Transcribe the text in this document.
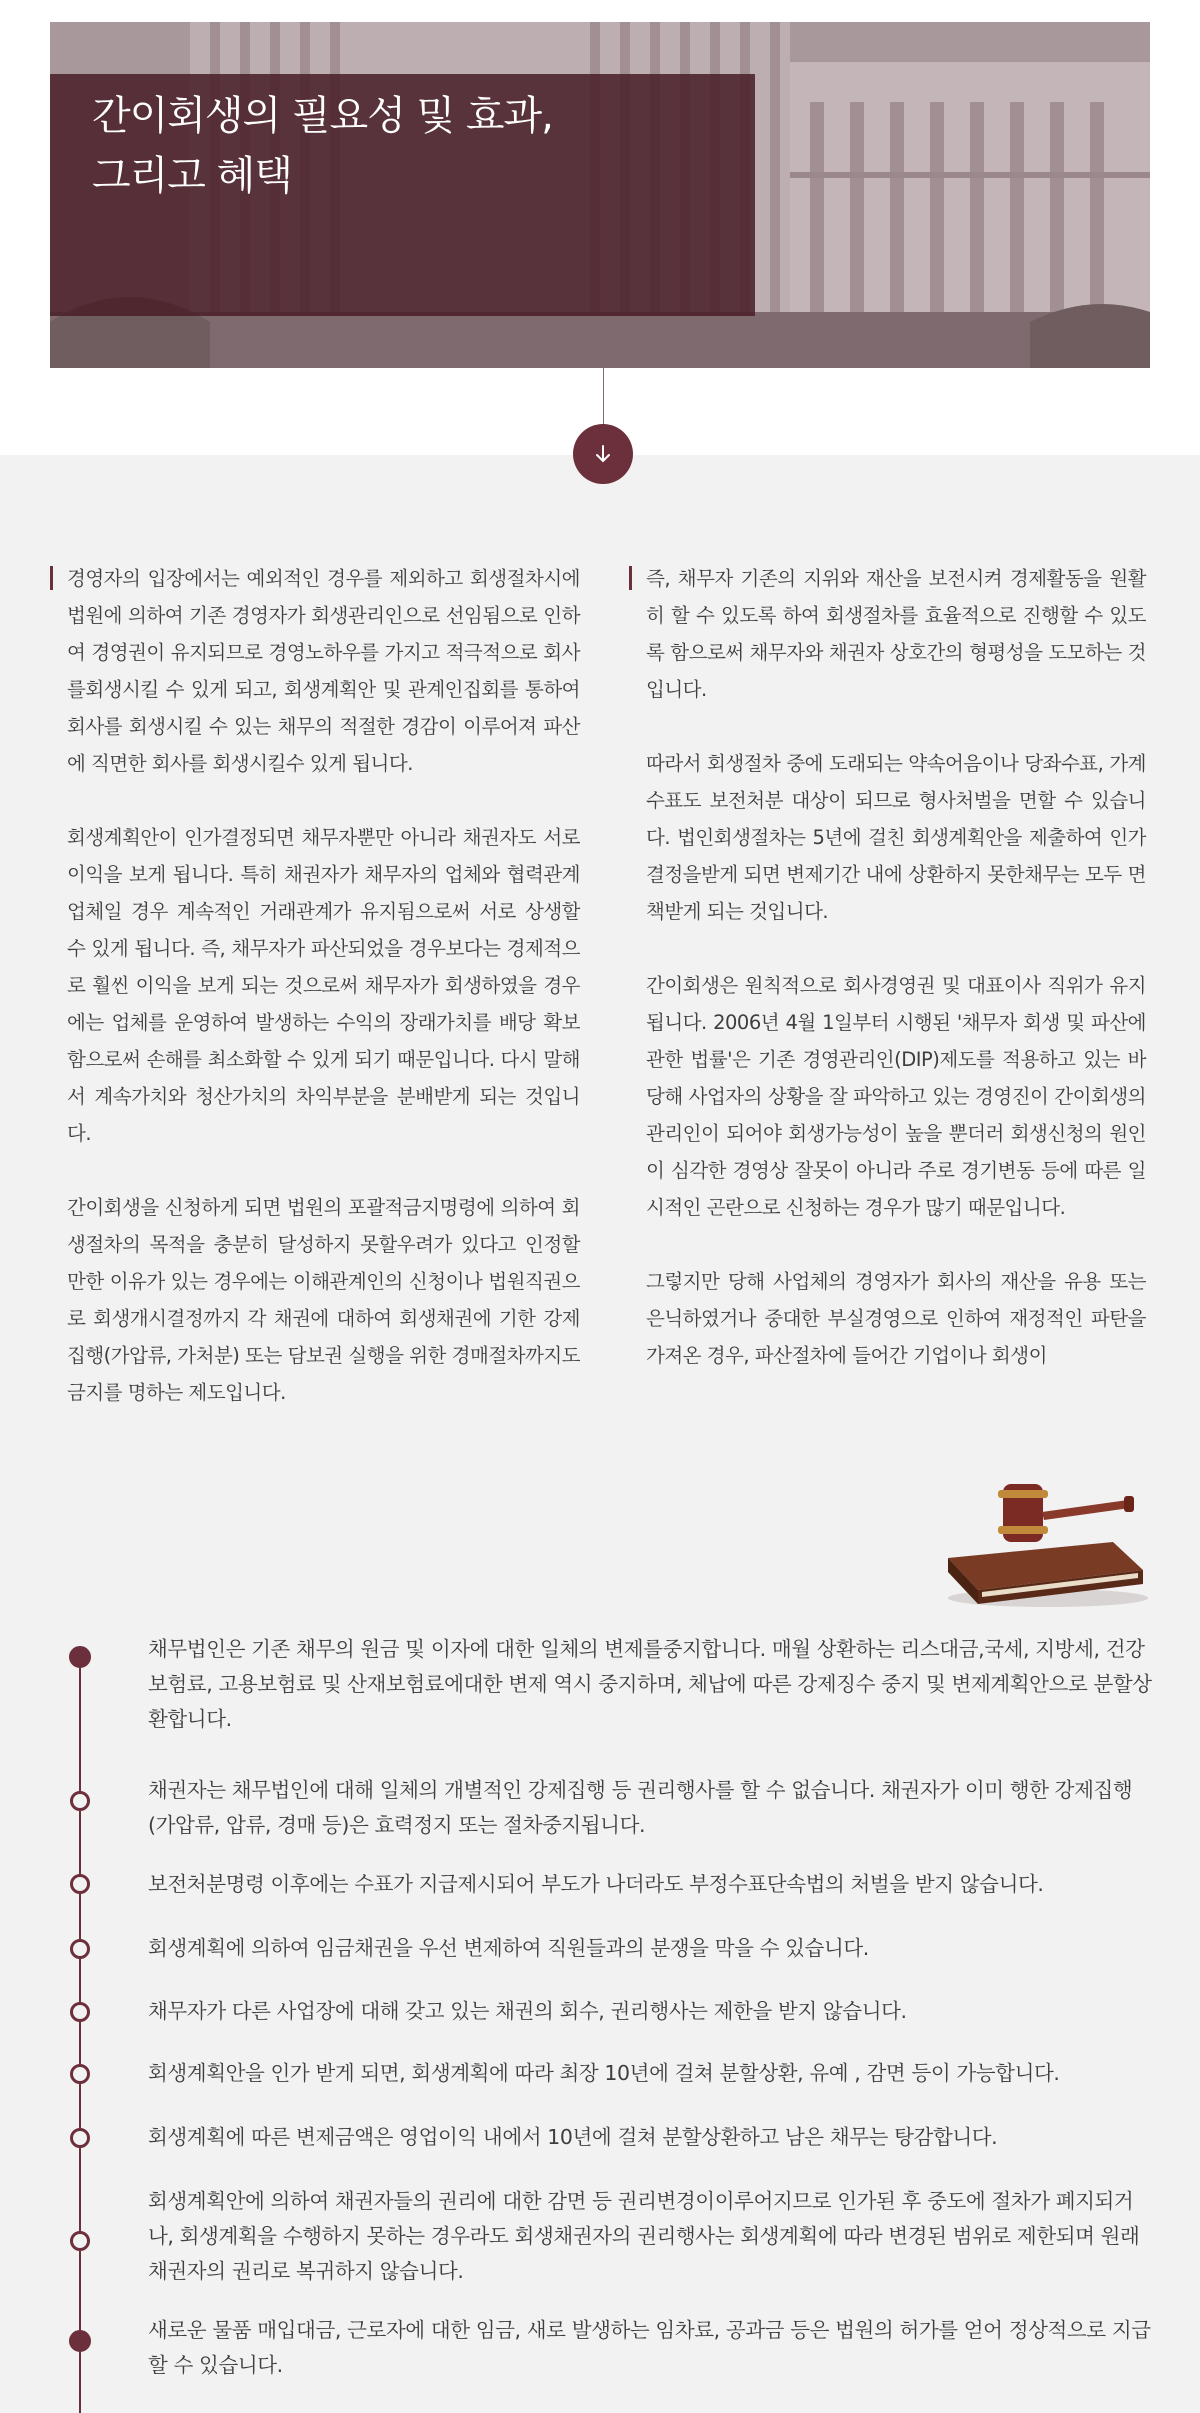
간이회생의 필요성 및 효과,
그리고 혜택

경영자의 입장에서는 예외적인 경우를 제외하고 회생절차시에 법원에 의하여 기존 경영자가 회생관리인으로 선임됨으로 인하여 경영권이 유지되므로 경영노하우를 가지고 적극적으로 회사를회생시킬 수 있게 되고, 회생계획안 및 관계인집회를 통하여 회사를 회생시킬 수 있는 채무의 적절한 경감이 이루어져 파산에 직면한 회사를 회생시킬수 있게 됩니다.

회생계획안이 인가결정되면 채무자뿐만 아니라 채권자도 서로 이익을 보게 됩니다. 특히 채권자가 채무자의 업체와 협력관계업체일 경우 계속적인 거래관계가 유지됨으로써 서로 상생할 수 있게 됩니다. 즉, 채무자가 파산되었을 경우보다는 경제적으로 훨씬 이익을 보게 되는 것으로써 채무자가 회생하였을 경우에는 업체를 운영하여 발생하는 수익의 장래가치를 배당 확보함으로써 손해를 최소화할 수 있게 되기 때문입니다. 다시 말해서 계속가치와 청산가치의 차익부분을 분배받게 되는 것입니다.

간이회생을 신청하게 되면 법원의 포괄적금지명령에 의하여 회생절차의 목적을 충분히 달성하지 못할우려가 있다고 인정할 만한 이유가 있는 경우에는 이해관계인의 신청이나 법원직권으로 회생개시결정까지 각 채권에 대하여 회생채권에 기한 강제집행(가압류, 가처분) 또는 담보권 실행을 위한 경매절차까지도 금지를 명하는 제도입니다.

즉, 채무자 기존의 지위와 재산을 보전시켜 경제활동을 원활히 할 수 있도록 하여 회생절차를 효율적으로 진행할 수 있도록 함으로써 채무자와 채권자 상호간의 형평성을 도모하는 것입니다.

따라서 회생절차 중에 도래되는 약속어음이나 당좌수표, 가계수표도 보전처분 대상이 되므로 형사처벌을 면할 수 있습니다. 법인회생절차는 5년에 걸친 회생계획안을 제출하여 인가결정을받게 되면 변제기간 내에 상환하지 못한채무는 모두 면책받게 되는 것입니다.

간이회생은 원칙적으로 회사경영권 및 대표이사 직위가 유지됩니다. 2006년 4월 1일부터 시행된 '채무자 회생 및 파산에 관한 법률'은 기존 경영관리인(DIP)제도를 적용하고 있는 바 당해 사업자의 상황을 잘 파악하고 있는 경영진이 간이회생의 관리인이 되어야 회생가능성이 높을 뿐더러 회생신청의 원인이 심각한 경영상 잘못이 아니라 주로 경기변동 등에 따른 일시적인 곤란으로 신청하는 경우가 많기 때문입니다.

그렇지만 당해 사업체의 경영자가 회사의 재산을 유용 또는 은닉하였거나 중대한 부실경영으로 인하여 재정적인 파탄을 가져온 경우, 파산절차에 들어간 기업이나 회생이

채무법인은 기존 채무의 원금 및 이자에 대한 일체의 변제를중지합니다. 매월 상환하는 리스대금,국세, 지방세, 건강보험료, 고용보험료 및 산재보험료에대한 변제 역시 중지하며, 체납에 따른 강제징수 중지 및 변제계획안으로 분할상환합니다.
채권자는 채무법인에 대해 일체의 개별적인 강제집행 등 권리행사를 할 수 없습니다. 채권자가 이미 행한 강제집행(가압류, 압류, 경매 등)은 효력정지 또는 절차중지됩니다.
보전처분명령 이후에는 수표가 지급제시되어 부도가 나더라도 부정수표단속법의 처벌을 받지 않습니다.
회생계획에 의하여 임금채권을 우선 변제하여 직원들과의 분쟁을 막을 수 있습니다.
채무자가 다른 사업장에 대해 갖고 있는 채권의 회수, 권리행사는 제한을 받지 않습니다.
회생계획안을 인가 받게 되면, 회생계획에 따라 최장 10년에 걸쳐 분할상환, 유예 , 감면 등이 가능합니다.
회생계획에 따른 변제금액은 영업이익 내에서 10년에 걸쳐 분할상환하고 남은 채무는 탕감합니다.
회생계획안에 의하여 채권자들의 권리에 대한 감면 등 권리변경이이루어지므로 인가된 후 중도에 절차가 폐지되거나, 회생계획을 수행하지 못하는 경우라도 회생채권자의 권리행사는 회생계획에 따라 변경된 범위로 제한되며 원래 채권자의 권리로 복귀하지 않습니다.
새로운 물품 매입대금, 근로자에 대한 임금, 새로 발생하는 임차료, 공과금 등은 법원의 허가를 얻어 정상적으로 지급할 수 있습니다.
